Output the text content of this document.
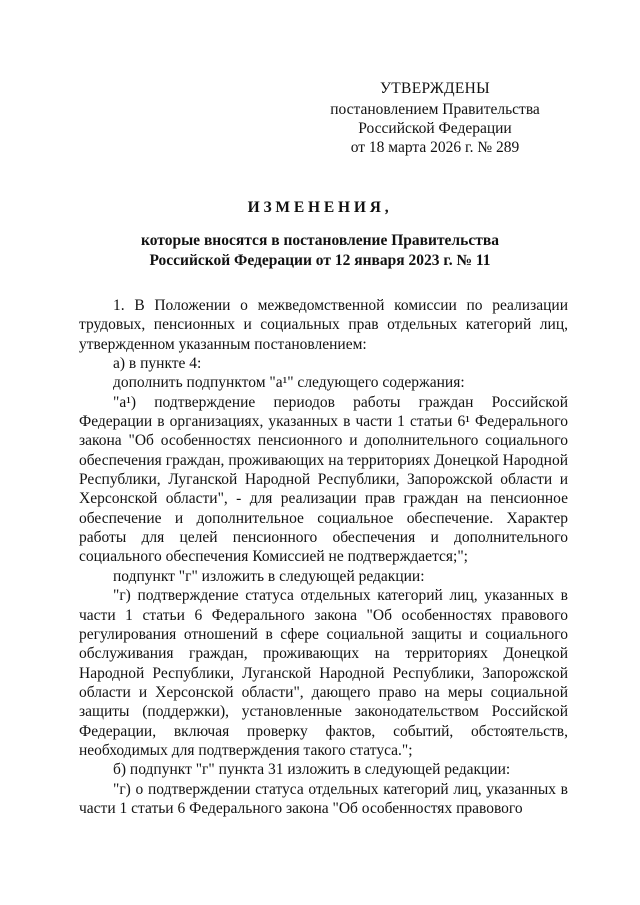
УТВЕРЖДЕНЫ
постановлением Правительства
Российской Федерации
от 18 марта 2026 г. № 289
ИЗМЕНЕНИЯ,
которые вносятся в постановление Правительства
Российской Федерации от 12 января 2023 г. № 11

1. В Положении о межведомственной комиссии по реализации трудовых, пенсионных и социальных прав отдельных категорий лиц, утвержденном указанным постановлением:

а) в пункте 4:

дополнить подпунктом "а¹" следующего содержания:

"а¹) подтверждение периодов работы граждан Российской Федерации в организациях, указанных в части 1 статьи 6¹ Федерального закона "Об особенностях пенсионного и дополнительного социального обеспечения граждан, проживающих на территориях Донецкой Народной Республики, Луганской Народной Республики, Запорожской области и Херсонской области", - для реализации прав граждан на пенсионное обеспечение и дополнительное социальное обеспечение. Характер работы для целей пенсионного обеспечения и дополнительного социального обеспечения Комиссией не подтверждается;";

подпункт "г" изложить в следующей редакции:

"г) подтверждение статуса отдельных категорий лиц, указанных в части 1 статьи 6 Федерального закона "Об особенностях правового регулирования отношений в сфере социальной защиты и социального обслуживания граждан, проживающих на территориях Донецкой Народной Республики, Луганской Народной Республики, Запорожской области и Херсонской области", дающего право на меры социальной защиты (поддержки), установленные законодательством Российской Федерации, включая проверку фактов, событий, обстоятельств, необходимых для подтверждения такого статуса.";

б) подпункт "г" пункта 31 изложить в следующей редакции:

"г) о подтверждении статуса отдельных категорий лиц, указанных в части 1 статьи 6 Федерального закона "Об особенностях правового
